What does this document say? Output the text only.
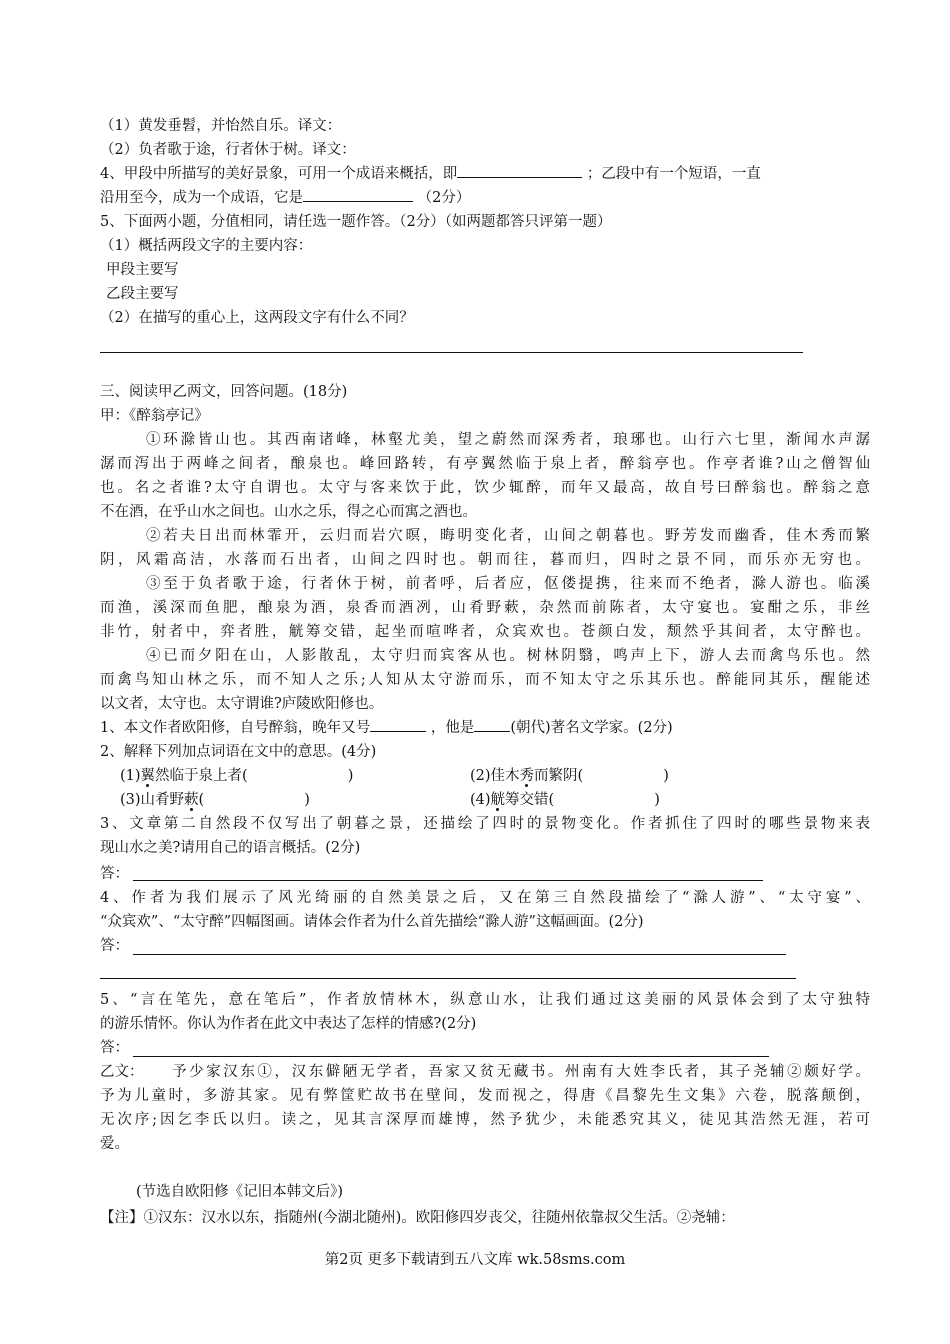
（1）黄发垂髫，并怡然自乐。译文：
（2）负者歌于途，行者休于树。译文：
4、甲段中所描写的美好景象，可用一个成语来概括，即	；乙段中有一个短语，一直
沿用至今，成为一个成语，它是	（2分）
5、下面两小题，分值相同，请任选一题作答。（2分）（如两题都答只评第一题）
（1）概括两段文字的主要内容：
甲段主要写
乙段主要写
（2）在描写的重心上，这两段文字有什么不同？
三、阅读甲乙两文，回答问题。(18分)
甲：《醉翁亭记》
①环滁皆山也。其西南诸峰，林壑尤美，望之蔚然而深秀者，琅琊也。山行六七里，渐闻水声潺
潺而泻出于两峰之间者，酿泉也。峰回路转，有亭翼然临于泉上者，醉翁亭也。作亭者谁?山之僧智仙
也。名之者谁?太守自谓也。太守与客来饮于此，饮少辄醉，而年又最高，故自号曰醉翁也。醉翁之意
不在酒，在乎山水之间也。山水之乐，得之心而寓之酒也。
②若夫日出而林霏开，云归而岩穴暝，晦明变化者，山间之朝暮也。野芳发而幽香，佳木秀而繁
阴，风霜高洁，水落而石出者，山间之四时也。朝而往，暮而归，四时之景不同，而乐亦无穷也。
③至于负者歌于途，行者休于树，前者呼，后者应，伛偻提携，往来而不绝者，滁人游也。临溪
而渔，溪深而鱼肥，酿泉为酒，泉香而酒冽，山肴野蔌，杂然而前陈者，太守宴也。宴酣之乐，非丝
非竹，射者中，弈者胜，觥筹交错，起坐而喧哗者，众宾欢也。苍颜白发，颓然乎其间者，太守醉也。
④已而夕阳在山，人影散乱，太守归而宾客从也。树林阴翳，鸣声上下，游人去而禽鸟乐也。然
而禽鸟知山林之乐，而不知人之乐;人知从太守游而乐，而不知太守之乐其乐也。醉能同其乐，醒能述
以文者，太守也。太守谓谁?庐陵欧阳修也。
1、本文作者欧阳修，自号醉翁，晚年又号	，他是 (朝代)著名文学家。(2分)
2、解释下列加点词语在文中的意思。(4分)
(1)翼然临于泉上者(	)	(2)佳木秀而繁阴(	)
(3)山肴野蔌(	)	(4)觥筹交错(	)
3、文章第二自然段不仅写出了朝暮之景，还描绘了四时的景物变化。作者抓住了四时的哪些景物来表
现山水之美?请用自己的语言概括。(2分)
答：
4、作者为我们展示了风光绮丽的自然美景之后，又在第三自然段描绘了“滁人游”、“太守宴”、
“众宾欢”、“太守醉”四幅图画。请体会作者为什么首先描绘“滁人游”这幅画面。(2分)
答：
5、“言在笔先，意在笔后”，作者放情林木，纵意山水，让我们通过这美丽的风景体会到了太守独特
的游乐情怀。你认为作者在此文中表达了怎样的情感?(2分)
答：
乙文：	予少家汉东①，汉东僻陋无学者，吾家又贫无藏书。州南有大姓李氏者，其子尧辅②颇好学。
予为儿童时，多游其家。见有弊筐贮故书在壁间，发而视之，得唐《昌黎先生文集》六卷，脱落颠倒，
无次序;因乞李氏以归。读之，见其言深厚而雄博，然予犹少，未能悉究其义，徒见其浩然无涯，若可
爱。
(节选自欧阳修《记旧本韩文后》)
【注】①汉东：汉水以东，指随州(今湖北随州)。欧阳修四岁丧父，往随州依靠叔父生活。②尧辅：
第2页 更多下载请到五八文库 wk.58sms.com
